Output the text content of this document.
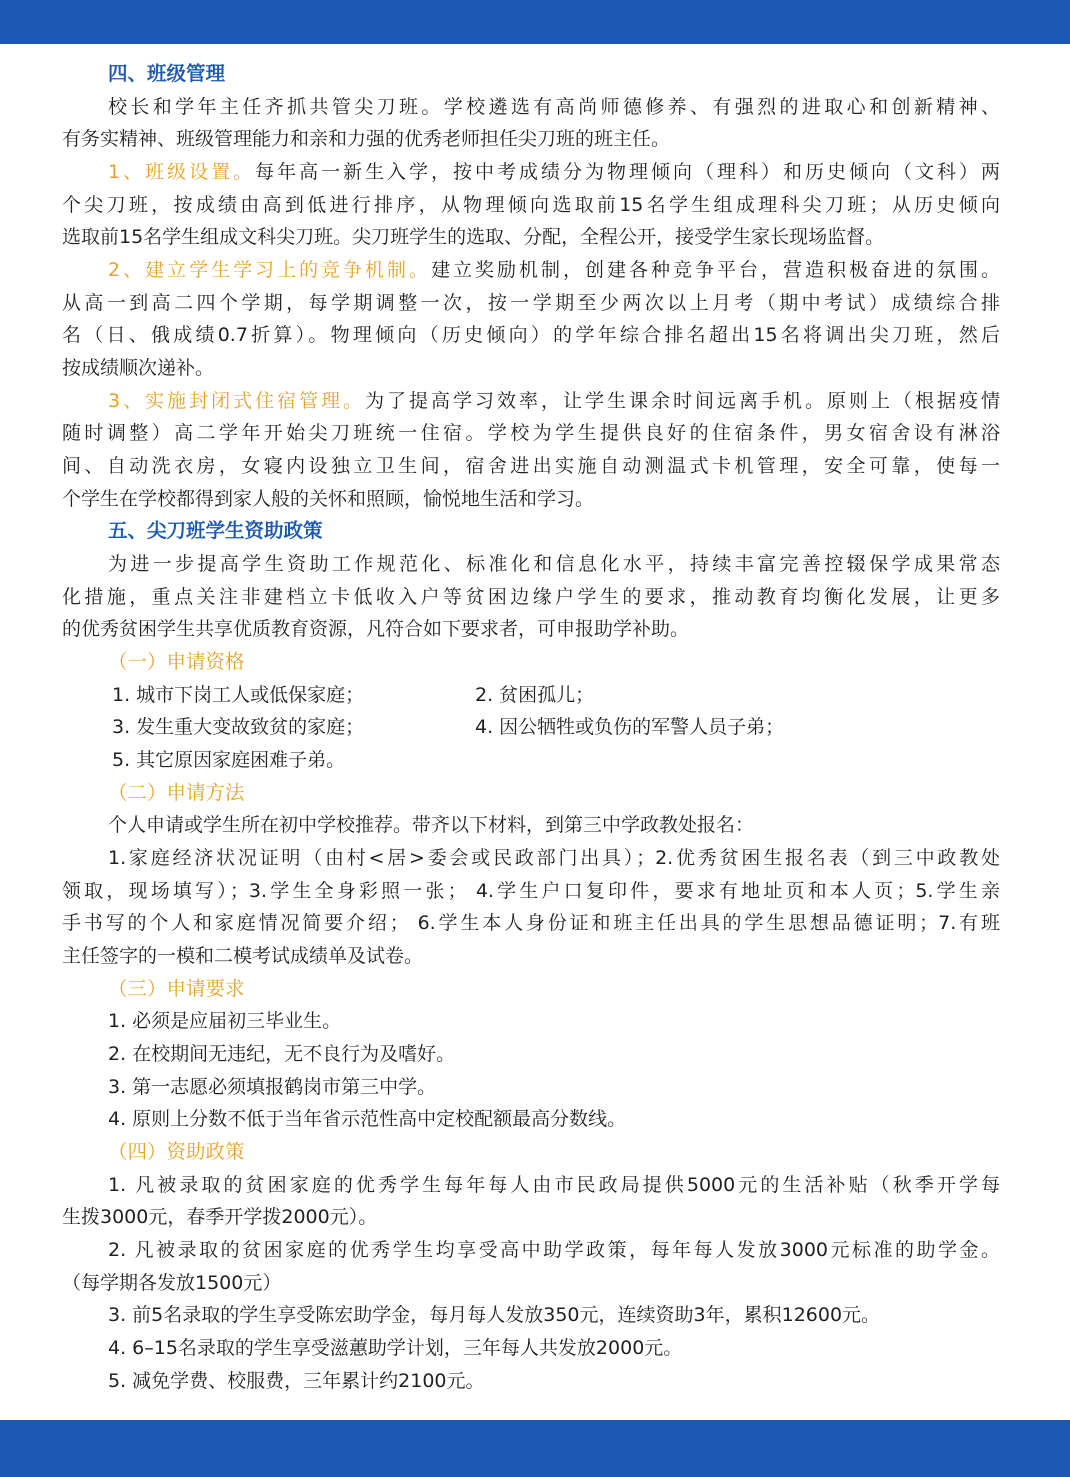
四、班级管理
校长和学年主任齐抓共管尖刀班。学校遴选有高尚师德修养、有强烈的进取心和创新精神、
有务实精神、班级管理能力和亲和力强的优秀老师担任尖刀班的班主任。
1、班级设置。每年高一新生入学，按中考成绩分为物理倾向（理科）和历史倾向（文科）两
个尖刀班，按成绩由高到低进行排序，从物理倾向选取前15名学生组成理科尖刀班；从历史倾向
选取前15名学生组成文科尖刀班。尖刀班学生的选取、分配，全程公开，接受学生家长现场监督。
2、建立学生学习上的竞争机制。建立奖励机制，创建各种竞争平台，营造积极奋进的氛围。
从高一到高二四个学期，每学期调整一次，按一学期至少两次以上月考（期中考试）成绩综合排
名（日、俄成绩0.7折算）。物理倾向（历史倾向）的学年综合排名超出15名将调出尖刀班，然后
按成绩顺次递补。
3、实施封闭式住宿管理。为了提高学习效率，让学生课余时间远离手机。原则上（根据疫情
随时调整）高二学年开始尖刀班统一住宿。学校为学生提供良好的住宿条件，男女宿舍设有淋浴
间、自动洗衣房，女寝内设独立卫生间，宿舍进出实施自动测温式卡机管理，安全可靠，使每一
个学生在学校都得到家人般的关怀和照顾，愉悦地生活和学习。
五、尖刀班学生资助政策
为进一步提高学生资助工作规范化、标准化和信息化水平，持续丰富完善控辍保学成果常态
化措施，重点关注非建档立卡低收入户等贫困边缘户学生的要求，推动教育均衡化发展，让更多
的优秀贫困学生共享优质教育资源，凡符合如下要求者，可申报助学补助。
（一）申请资格
1. 城市下岗工人或低保家庭；	2. 贫困孤儿；
3. 发生重大变故致贫的家庭；	4. 因公牺牲或负伤的军警人员子弟；
5. 其它原因家庭困难子弟。
（二）申请方法
个人申请或学生所在初中学校推荐。带齐以下材料，到第三中学政教处报名：
1.家庭经济状况证明（由村<居>委会或民政部门出具）；2.优秀贫困生报名表（到三中政教处
领取，现场填写）；3.学生全身彩照一张； 4.学生户口复印件，要求有地址页和本人页；5.学生亲
手书写的个人和家庭情况简要介绍； 6.学生本人身份证和班主任出具的学生思想品德证明；7.有班
主任签字的一模和二模考试成绩单及试卷。
（三）申请要求
1. 必须是应届初三毕业生。
2. 在校期间无违纪，无不良行为及嗜好。
3. 第一志愿必须填报鹤岗市第三中学。
4. 原则上分数不低于当年省示范性高中定校配额最高分数线。
（四）资助政策
1. 凡被录取的贫困家庭的优秀学生每年每人由市民政局提供5000元的生活补贴（秋季开学每
生拨3000元，春季开学拨2000元）。
2. 凡被录取的贫困家庭的优秀学生均享受高中助学政策，每年每人发放3000元标准的助学金。
（每学期各发放1500元）
3. 前5名录取的学生享受陈宏助学金，每月每人发放350元，连续资助3年，累积12600元。
4. 6–15名录取的学生享受滋蕙助学计划，三年每人共发放2000元。
5. 减免学费、校服费，三年累计约2100元。
